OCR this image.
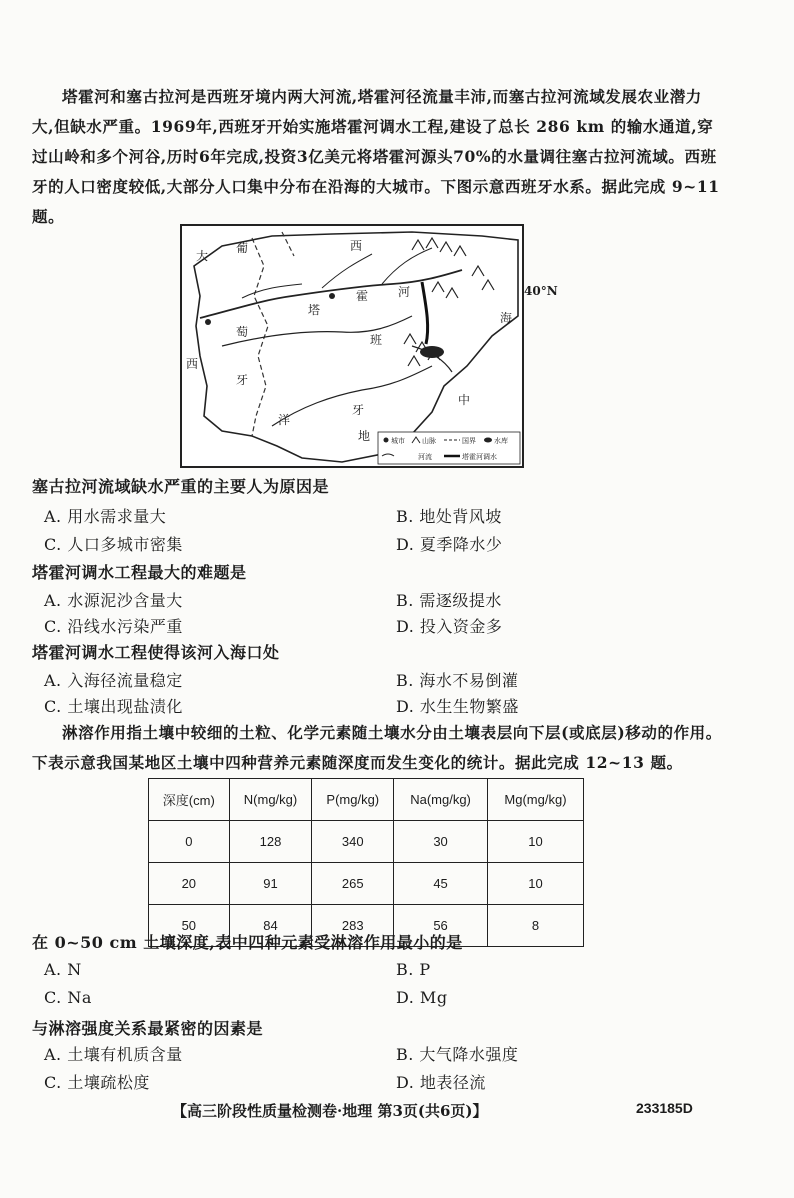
塔霍河和塞古拉河是西班牙境内两大河流,塔霍河径流量丰沛,而塞古拉河流域发展农业潜力大,但缺水严重。1969年,西班牙开始实施塔霍河调水工程,建设了总长 286 km 的输水通道,穿过山岭和多个河谷,历时6年完成,投资3亿美元将塔霍河源头70%的水量调往塞古拉河流域。西班牙的人口密度较低,大部分人口集中分布在沿海的大城市。下图示意西班牙水系。据此完成 9~11 题。
葡
萄
牙
大
西
洋
西
班
牙
塔
霍 河
地
中
海
城市 山脉	国界	水库
河流	塔霍河调水
40°N
塞古拉河流域缺水严重的主要人为原因是
A. 用水需求量大	B. 地处背风坡
C. 人口多城市密集	D. 夏季降水少
塔霍河调水工程最大的难题是
A. 水源泥沙含量大	B. 需逐级提水
C. 沿线水污染严重	D. 投入资金多
塔霍河调水工程使得该河入海口处
A. 入海径流量稳定	B. 海水不易倒灌
C. 土壤出现盐渍化	D. 水生生物繁盛
淋溶作用指土壤中较细的土粒、化学元素随土壤水分由土壤表层向下层(或底层)移动的作用。下表示意我国某地区土壤中四种营养元素随深度而发生变化的统计。据此完成 12~13 题。
深度(cm)	N(mg/kg)	P(mg/kg)	Na(mg/kg)	Mg(mg/kg)
0	128	340	30	10
20	91	265	45	10
50	84	283	56	8
在 0~50 cm 土壤深度,表中四种元素受淋溶作用最小的是
A. N	B. P
C. Na	D. Mg
与淋溶强度关系最紧密的因素是
A. 土壤有机质含量	B. 大气降水强度
C. 土壤疏松度	D. 地表径流
【高三阶段性质量检测卷·地理 第3页(共6页)】	233185D
